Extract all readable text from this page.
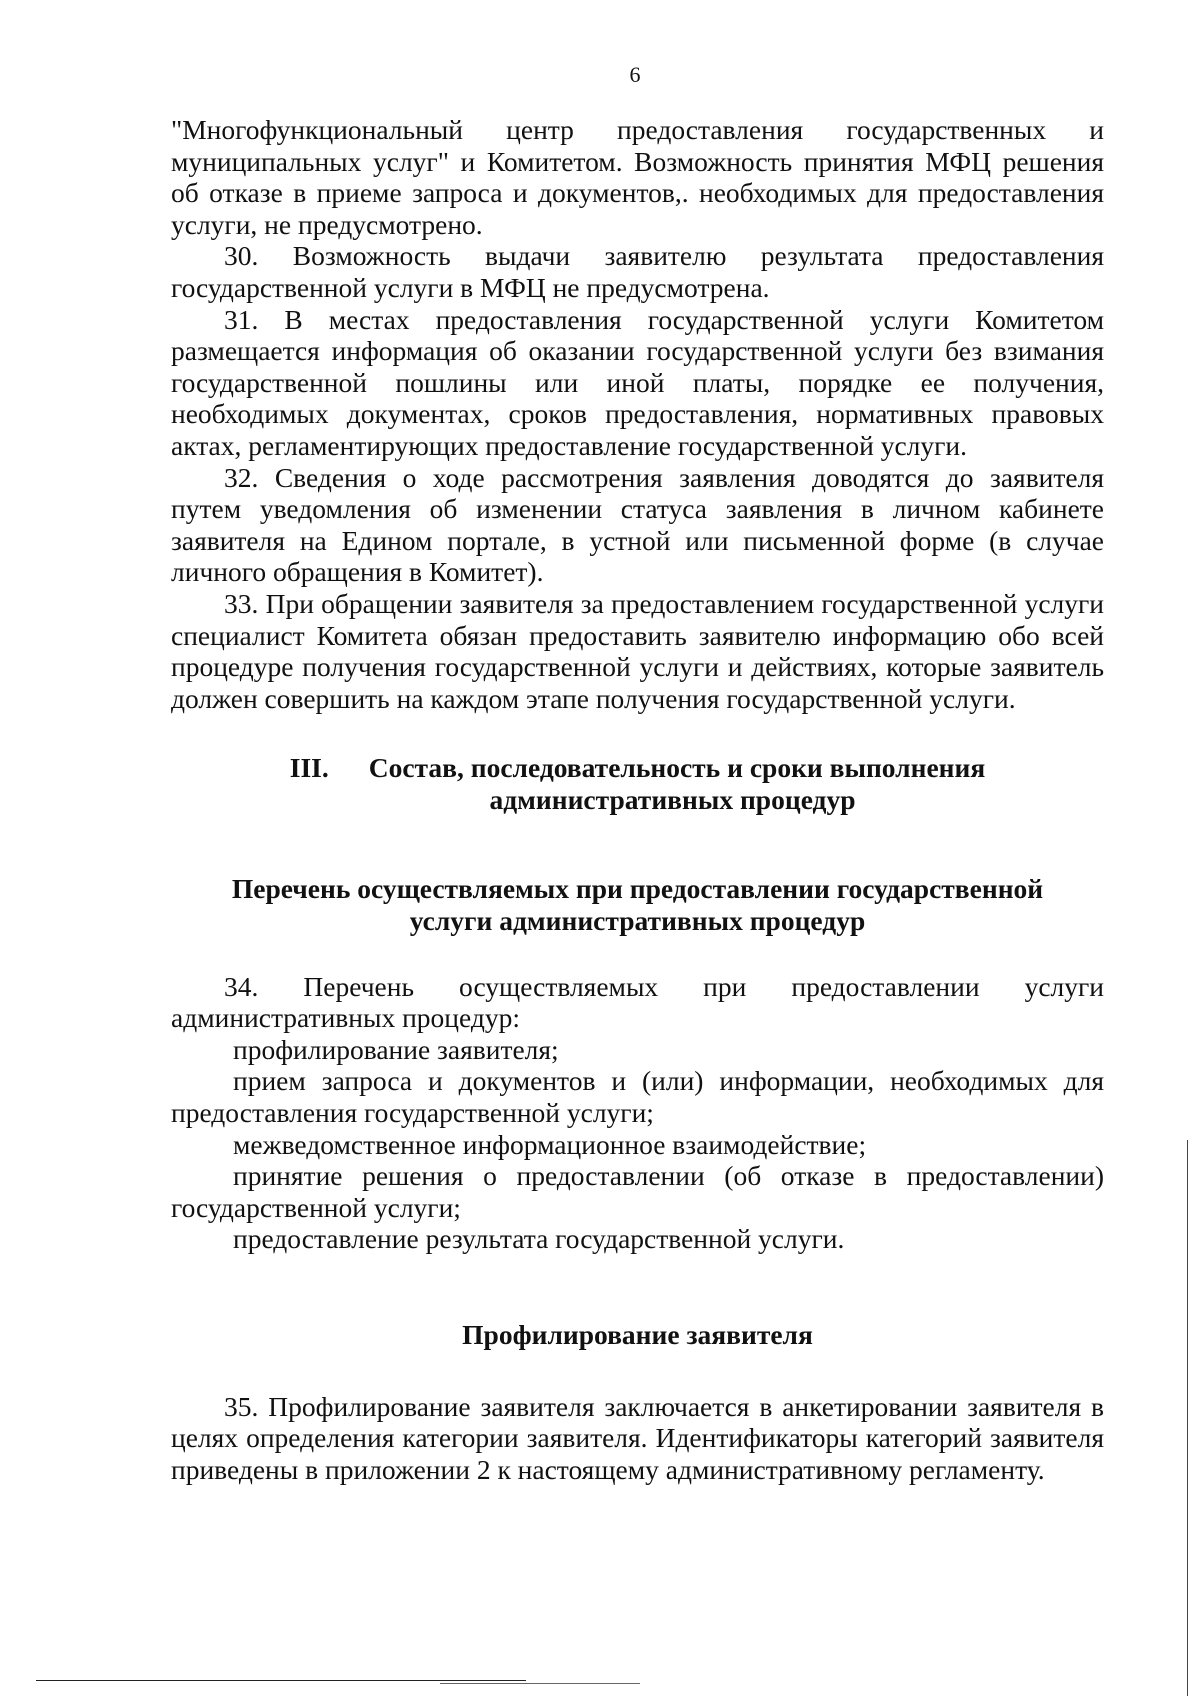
6

"Многофункциональный центр предоставления государственных и муниципальных услуг" и Комитетом. Возможность принятия МФЦ решения об отказе в приеме запроса и документов,. необходимых для предоставления услуги, не предусмотрено.

30. Возможность выдачи заявителю результата предоставления государственной услуги в МФЦ не предусмотрена.

31. В местах предоставления государственной услуги Комитетом размещается информация об оказании государственной услуги без взимания государственной пошлины или иной платы, порядке ее получения, необходимых документах, сроков предоставления, нормативных правовых актах, регламентирующих предоставление государственной услуги.

32. Сведения о ходе рассмотрения заявления доводятся до заявителя путем уведомления об изменении статуса заявления в личном кабинете заявителя на Едином портале, в устной или письменной форме (в случае личного обращения в Комитет).

33. При обращении заявителя за предоставлением государственной услуги специалист Комитета обязан предоставить заявителю информацию обо всей процедуре получения государственной услуги и действиях, которые заявитель должен совершить на каждом этапе получения государственной услуги.

III. Состав, последовательность и сроки выполнения
административных процедур
Перечень осуществляемых при предоставлении государственной
услуги административных процедур

34. Перечень осуществляемых при предоставлении услуги административных процедур:

профилирование заявителя;

прием запроса и документов и (или) информации, необходимых для предоставления государственной услуги;

межведомственное информационное взаимодействие;

принятие решения о предоставлении (об отказе в предоставлении) государственной услуги;

предоставление результата государственной услуги.

Профилирование заявителя

35. Профилирование заявителя заключается в анкетировании заявителя в целях определения категории заявителя. Идентификаторы категорий заявителя приведены в приложении 2 к настоящему административному регламенту.
